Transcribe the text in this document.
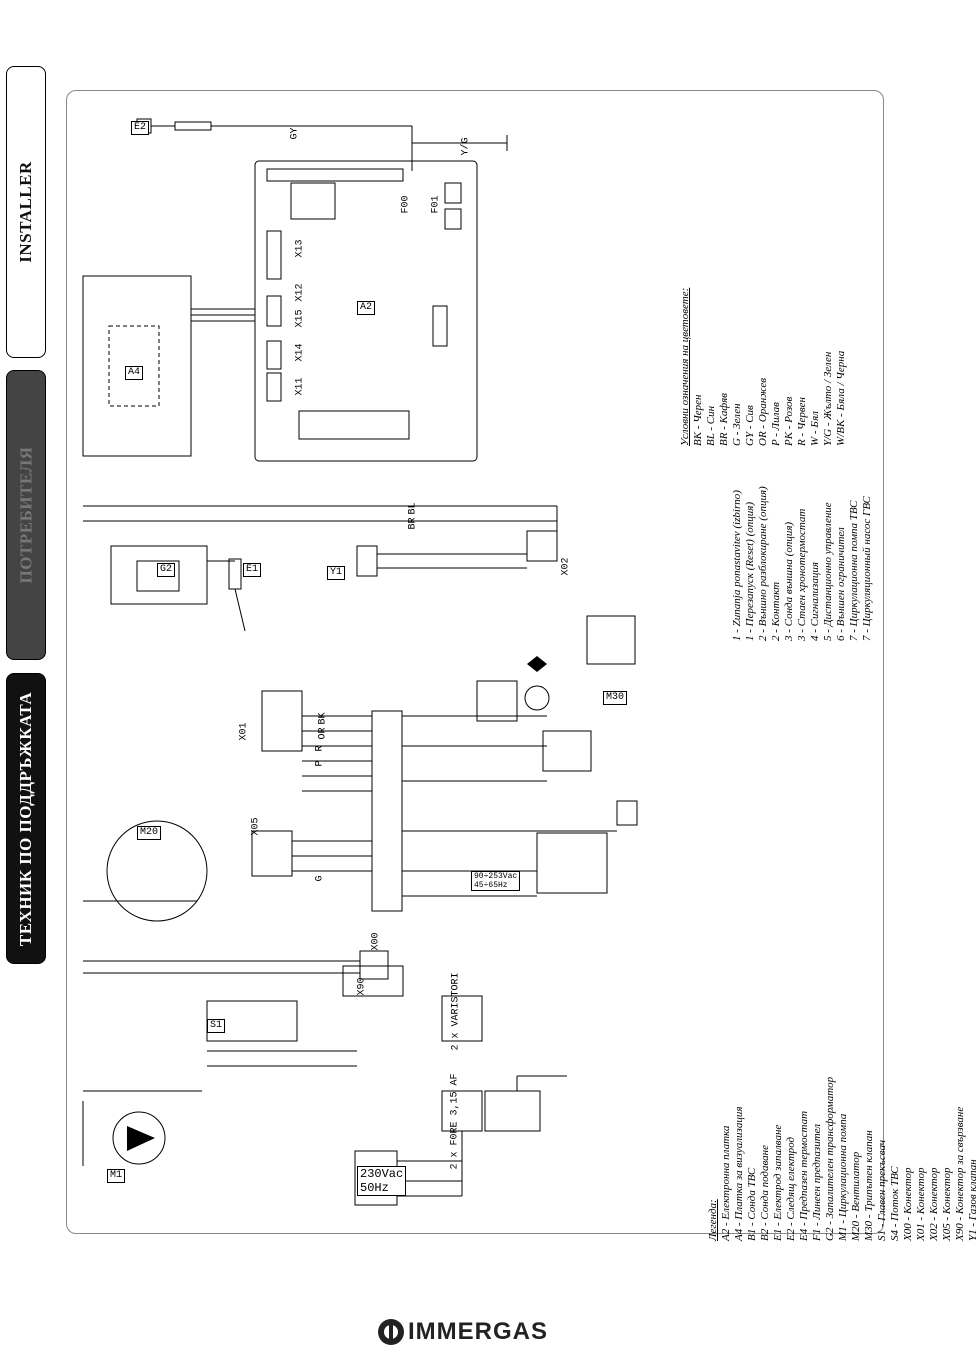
INSTALLER
ПОТРЕБИТЕЛЯ
ТЕХНИК ПО ПОДДРЪЖКАТА
M1
M20
S1
G2	E1
E2
Y1
A2
A4
M30
X90
X00
X05
X01
X02
X13
X12
X15
X14
X11
F00 F01
2 x F0RE 3,15 AF
2 x VARISTORI
230Vac
50Hz
90÷253Vac
45÷65Hz
GY
Y/G
BL
BR
BK
OR
R
P
G
Легенда: A2 - Електронна платка A4 - Платка за визуализация B1 - Сонда ТВС B2 - Сонда подаване E1 - Електрод запалване E2 - Следящ електрод E4 - Предпазен термостат F1 - Линеен предпазител G2 - Запалителен трансформатор M1 - Циркулационна помпа M20 - Вентилатор M30 - Трипътен клапан S1 - Главен прекъсвач S4 - Поток ТВС X00 - Конектор X01 - Конектор X02 - Конектор X05 - Конектор X90 - Конектор за свързване Y1 - Газов клапан
1 - Zunanja ponastavitev (izbirno) 1 - Перезапуск (Reset) (опция) 2 - Външно разблокиране (опция) 2 - Контакт 3 - Сонда външна (опция) 3 - Стаен хронотермостат 4 - Сигнализация 5 - Дистанционно управление 6 - Външен ограничител 7 - Циркулационна помпа ТВС 7 - Циркуляционный насос ГВС
Условни означения на цветовете: BK - Черен BL - Син BR - Кафяв G - Зелен GY - Сив OR - Оранжев P - Лилав PK - Розов R - Червен W - Бял Y/G - Жълто / Зелен W/BK - Бяла / Черна
IMMERGAS
